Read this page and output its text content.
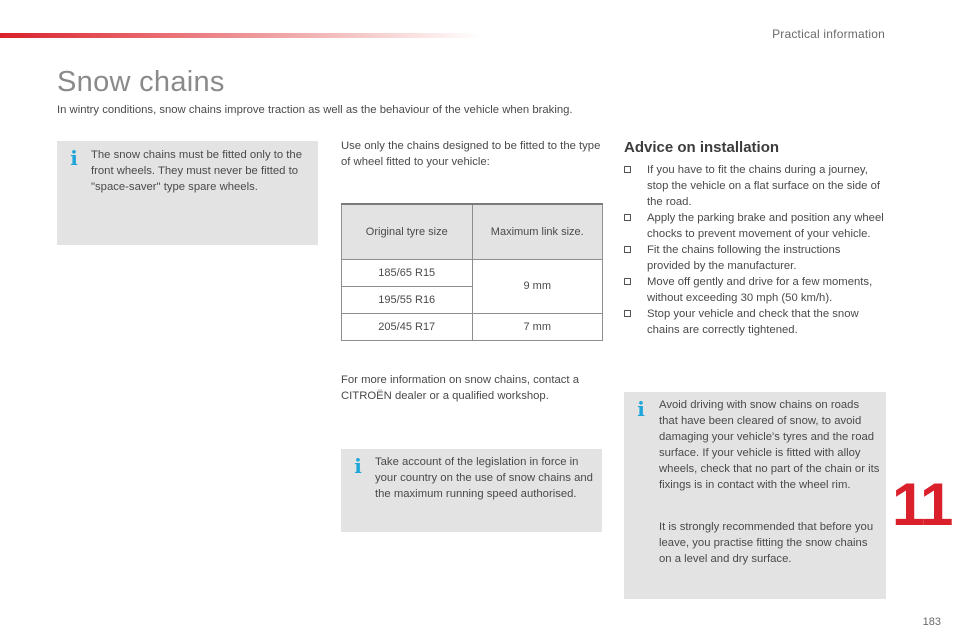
Practical information
Snow chains

In wintry conditions, snow chains improve traction as well as the behaviour of the vehicle when braking.

i The snow chains must be fitted only to the front wheels. They must never be fitted to "space-saver" type spare wheels.

Use only the chains designed to be fitted to the type of wheel fitted to your vehicle:

Original tyre size	Maximum link size.
185/65 R15	9 mm
195/55 R16	
205/45 R17	7 mm

For more information on snow chains, contact a CITROËN dealer or a qualified workshop.

i Take account of the legislation in force in your country on the use of snow chains and the maximum running speed authorised.

Advice on installation
If you have to fit the chains during a journey, stop the vehicle on a flat surface on the side of the road.
Apply the parking brake and position any wheel chocks to prevent movement of your vehicle.
Fit the chains following the instructions provided by the manufacturer.
Move off gently and drive for a few moments, without exceeding 30 mph (50 km/h).
Stop your vehicle and check that the snow chains are correctly tightened.
i Avoid driving with snow chains on roads that have been cleared of snow, to avoid damaging your vehicle's tyres and the road surface. If your vehicle is fitted with alloy wheels, check that no part of the chain or its fixings is in contact with the wheel rim.

It is strongly recommended that before you leave, you practise fitting the snow chains on a level and dry surface.

11
183
